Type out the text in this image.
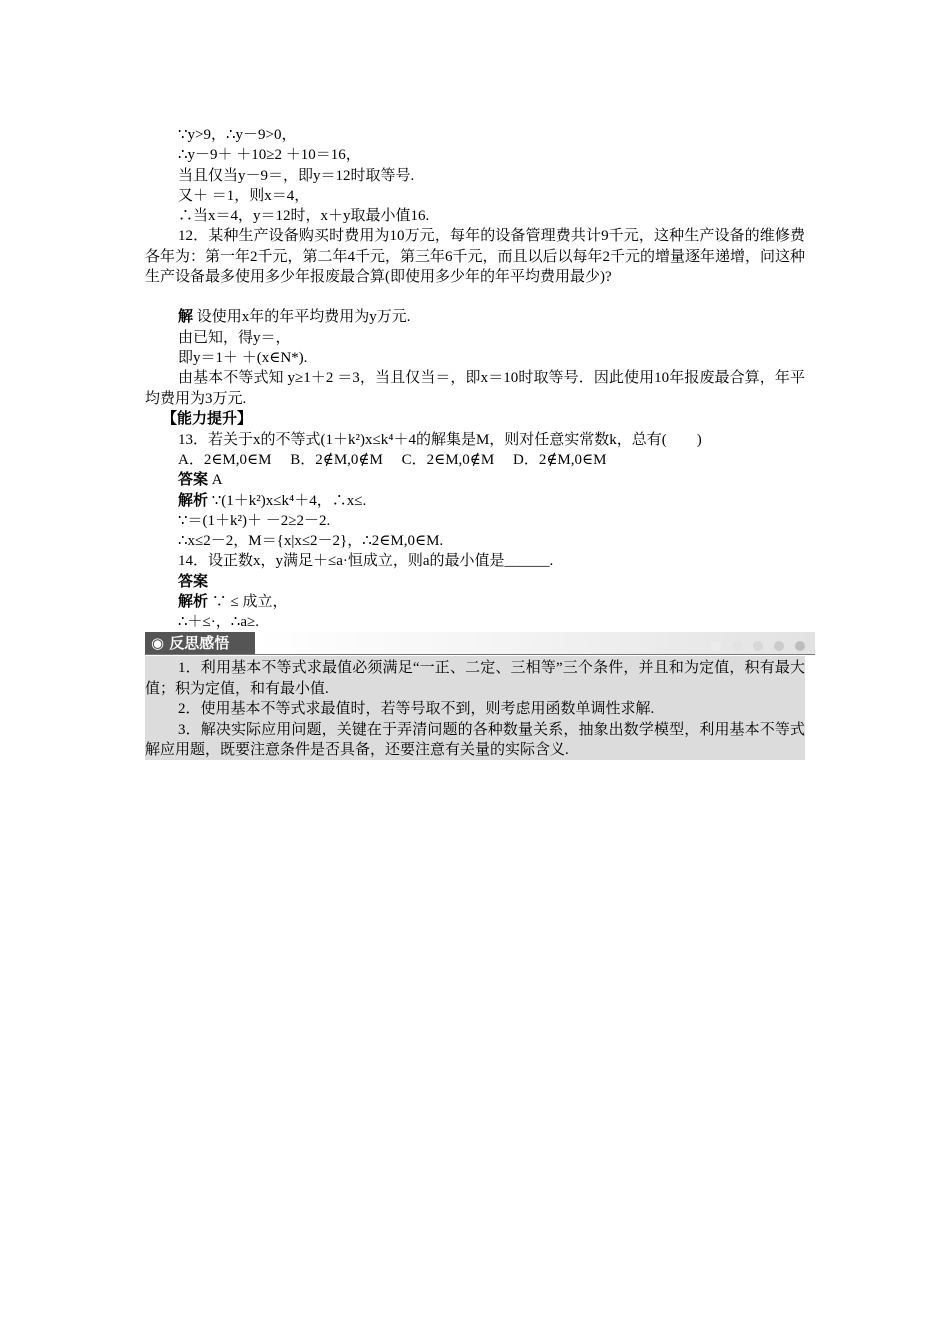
∵y>9，∴y－9>0，
∴y－9＋ ＋10≥2 ＋10＝16，
当且仅当y－9＝，即y＝12时取等号.
又＋ ＝1，则x＝4，
∴当x＝4，y＝12时，x＋y取最小值16.
12．某种生产设备购买时费用为10万元，每年的设备管理费共计9千元，这种生产设备的维修费各年为：第一年2千元，第二年4千元，第三年6千元，而且以后以每年2千元的增量逐年递增，问这种生产设备最多使用多少年报废最合算(即使用多少年的年平均费用最少)?
解 设使用x年的年平均费用为y万元.
由已知，得y＝，
即y＝1＋ ＋(x∈N*).
由基本不等式知 y≥1＋2 ＝3，当且仅当＝，即x＝10时取等号．因此使用10年报废最合算，年平均费用为3万元.
【能力提升】
13．若关于x的不等式(1＋k²)x≤k⁴＋4的解集是M，则对任意实常数k，总有(　　)
A．2∈M,0∈M　 B．2∉M,0∉M　 C．2∈M,0∉M　 D．2∉M,0∈M
答案 A
解析 ∵(1＋k²)x≤k⁴＋4，∴x≤.
∵＝(1＋k²)＋ －2≥2－2.
∴x≤2－2，M＝{x|x≤2－2}，∴2∈M,0∈M.
14．设正数x，y满足＋≤a·恒成立，则a的最小值是______.
答案
解析 ∵ ≤ 成立，
∴＋≤·，∴a≥.
◉ 反思感悟
1．利用基本不等式求最值必须满足“一正、二定、三相等”三个条件，并且和为定值，积有最大值；积为定值，和有最小值.
2．使用基本不等式求最值时，若等号取不到，则考虑用函数单调性求解.
3．解决实际应用问题，关键在于弄清问题的各种数量关系，抽象出数学模型，利用基本不等式解应用题，既要注意条件是否具备，还要注意有关量的实际含义.
